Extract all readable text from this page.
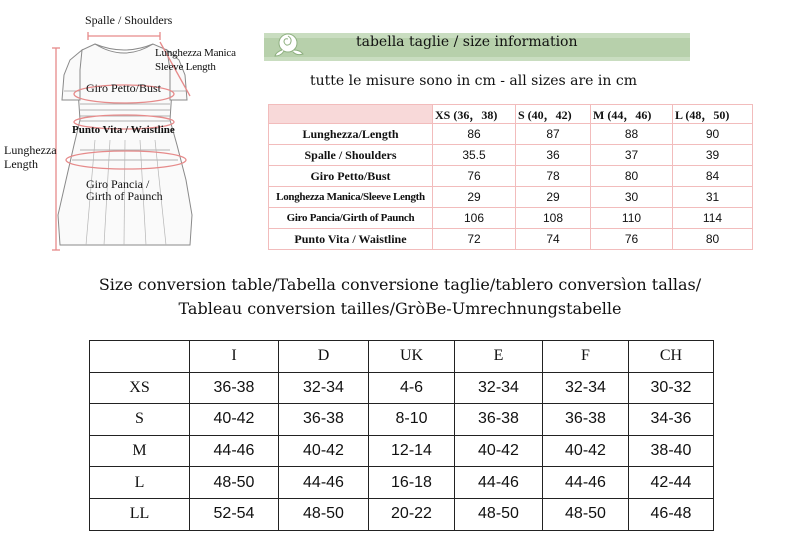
Spalle / Shoulders
Lunghezza Manica
Sleeve Length
Giro Petto/Bust
Punto Vita / Waistline
Lunghezza
Length
Giro Pancia /
Girth of Paunch
tabella taglie / size information
tutte le misure sono in cm - all sizes are in cm
	XS (36，38)	S (40，42)	M (44，46)	L (48，50)
Lunghezza/Length	86	87	88	90
Spalle / Shoulders	35.5	36	37	39
Giro Petto/Bust	76	78	80	84
Longhezza Manica/Sleeve Length	29	29	30	31
Giro Pancia/Girth of Paunch	106	108	110	114
Punto Vita / Waistline	72	74	76	80
Size conversion table/Tabella conversione taglie/tablero conversìon tallas/
Tableau conversion tailles/GròBe-Umrechnungstabelle
	I	D	UK	E	F	CH
XS	36-38	32-34	4-6	32-34	32-34	30-32
S	40-42	36-38	8-10	36-38	36-38	34-36
M	44-46	40-42	12-14	40-42	40-42	38-40
L	48-50	44-46	16-18	44-46	44-46	42-44
LL	52-54	48-50	20-22	48-50	48-50	46-48
